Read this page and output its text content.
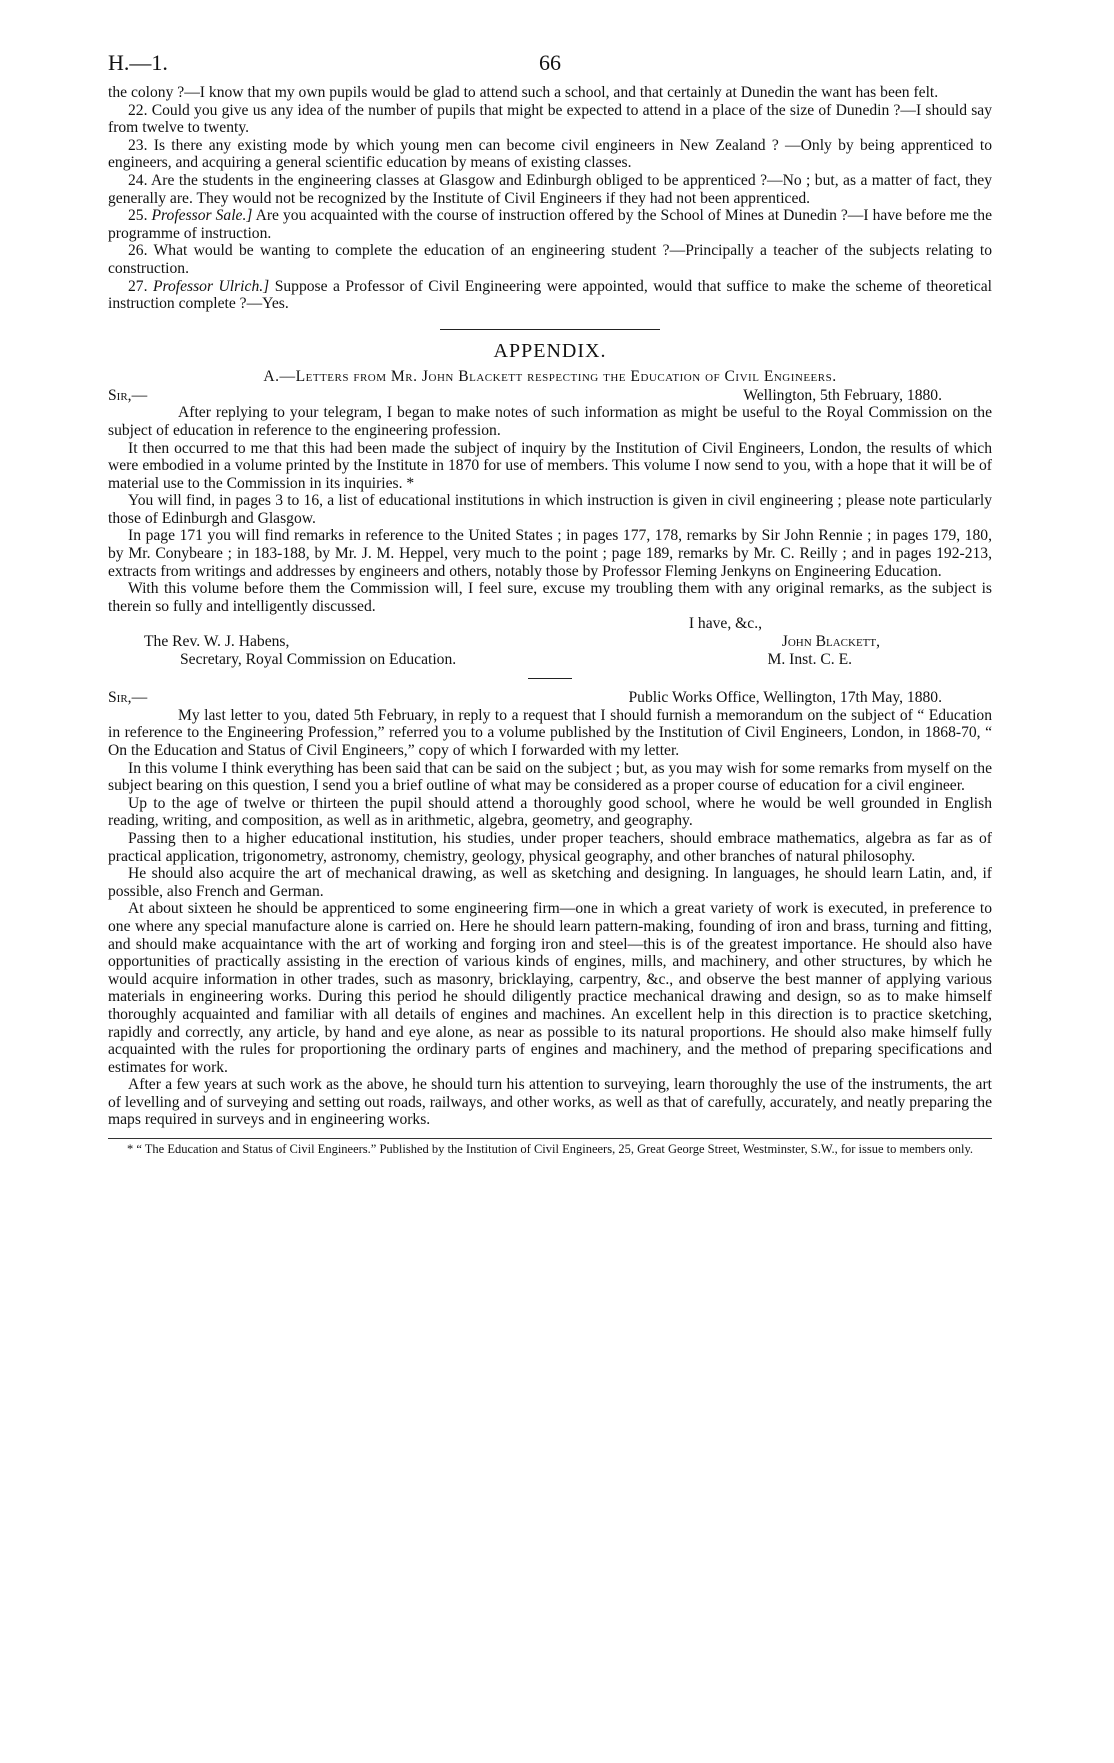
H.—1.	66

the colony ?—I know that my own pupils would be glad to attend such a school, and that certainly at Dunedin the want has been felt.

22. Could you give us any idea of the number of pupils that might be expected to attend in a place of the size of Dunedin ?—I should say from twelve to twenty.

23. Is there any existing mode by which young men can become civil engineers in New Zealand ? —Only by being apprenticed to engineers, and acquiring a general scientific education by means of existing classes.

24. Are the students in the engineering classes at Glasgow and Edinburgh obliged to be apprenticed ?—No ; but, as a matter of fact, they generally are. They would not be recognized by the Institute of Civil Engineers if they had not been apprenticed.

25. Professor Sale.] Are you acquainted with the course of instruction offered by the School of Mines at Dunedin ?—I have before me the programme of instruction.

26. What would be wanting to complete the education of an engineering student ?—Principally a teacher of the subjects relating to construction.

27. Professor Ulrich.] Suppose a Professor of Civil Engineering were appointed, would that suffice to make the scheme of theoretical instruction complete ?—Yes.

APPENDIX.
A.—Letters from Mr. John Blackett respecting the Education of Civil Engineers.
Sir,—	Wellington, 5th February, 1880.

After replying to your telegram, I began to make notes of such information as might be useful to the Royal Commission on the subject of education in reference to the engineering profession.

It then occurred to me that this had been made the subject of inquiry by the Institution of Civil Engineers, London, the results of which were embodied in a volume printed by the Institute in 1870 for use of members. This volume I now send to you, with a hope that it will be of material use to the Commission in its inquiries. *

You will find, in pages 3 to 16, a list of educational institutions in which instruction is given in civil engineering ; please note particularly those of Edinburgh and Glasgow.

In page 171 you will find remarks in reference to the United States ; in pages 177, 178, remarks by Sir John Rennie ; in pages 179, 180, by Mr. Conybeare ; in 183-188, by Mr. J. M. Heppel, very much to the point ; page 189, remarks by Mr. C. Reilly ; and in pages 192-213, extracts from writings and addresses by engineers and others, notably those by Professor Fleming Jenkyns on Engineering Education.

With this volume before them the Commission will, I feel sure, excuse my troubling them with any original remarks, as the subject is therein so fully and intelligently discussed.

I have, &c.,
The Rev. W. J. Habens,	John Blackett,
Secretary, Royal Commission on Education.	M. Inst. C. E.
Sir,—	Public Works Office, Wellington, 17th May, 1880.

My last letter to you, dated 5th February, in reply to a request that I should furnish a memorandum on the subject of “ Education in reference to the Engineering Profession,” referred you to a volume published by the Institution of Civil Engineers, London, in 1868-70, “ On the Education and Status of Civil Engineers,” copy of which I forwarded with my letter.

In this volume I think everything has been said that can be said on the subject ; but, as you may wish for some remarks from myself on the subject bearing on this question, I send you a brief outline of what may be considered as a proper course of education for a civil engineer.

Up to the age of twelve or thirteen the pupil should attend a thoroughly good school, where he would be well grounded in English reading, writing, and composition, as well as in arithmetic, algebra, geometry, and geography.

Passing then to a higher educational institution, his studies, under proper teachers, should embrace mathematics, algebra as far as of practical application, trigonometry, astronomy, chemistry, geology, physical geography, and other branches of natural philosophy.

He should also acquire the art of mechanical drawing, as well as sketching and designing. In languages, he should learn Latin, and, if possible, also French and German.

At about sixteen he should be apprenticed to some engineering firm—one in which a great variety of work is executed, in preference to one where any special manufacture alone is carried on. Here he should learn pattern-making, founding of iron and brass, turning and fitting, and should make acquaintance with the art of working and forging iron and steel—this is of the greatest importance. He should also have opportunities of practically assisting in the erection of various kinds of engines, mills, and machinery, and other structures, by which he would acquire information in other trades, such as masonry, bricklaying, carpentry, &c., and observe the best manner of applying various materials in engineering works. During this period he should diligently practice mechanical drawing and design, so as to make himself thoroughly acquainted and familiar with all details of engines and machines. An excellent help in this direction is to practice sketching, rapidly and correctly, any article, by hand and eye alone, as near as possible to its natural proportions. He should also make himself fully acquainted with the rules for proportioning the ordinary parts of engines and machinery, and the method of preparing specifications and estimates for work.

After a few years at such work as the above, he should turn his attention to surveying, learn thoroughly the use of the instruments, the art of levelling and of surveying and setting out roads, railways, and other works, as well as that of carefully, accurately, and neatly preparing the maps required in surveys and in engineering works.

* “ The Education and Status of Civil Engineers.” Published by the Institution of Civil Engineers, 25, Great George Street, Westminster, S.W., for issue to members only.
